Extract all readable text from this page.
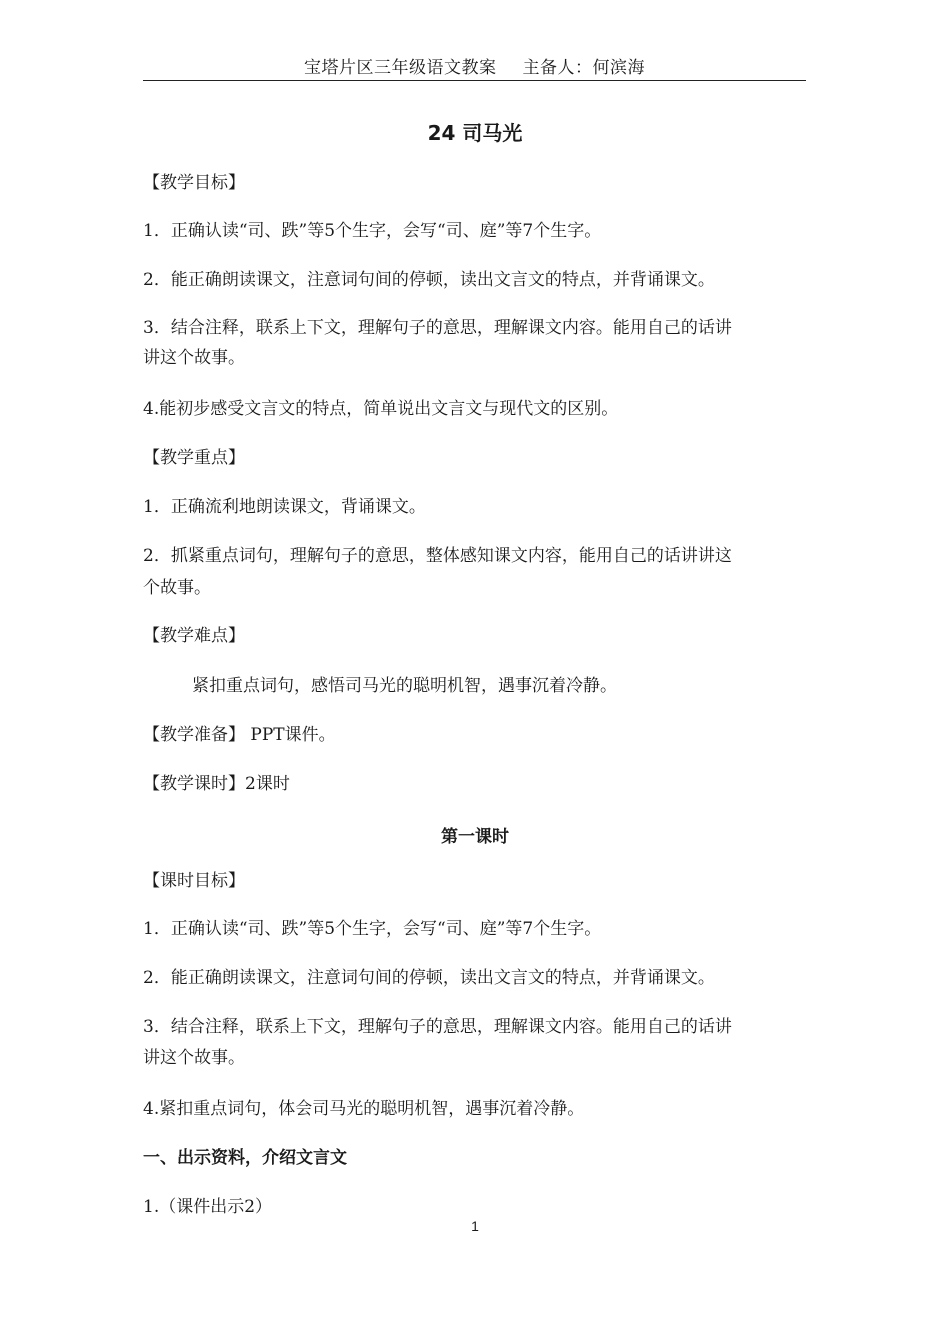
宝塔片区三年级语文教案 主备人：何滨海
24 司马光
【教学目标】
1．正确认读“司、跌”等5个生字，会写“司、庭”等7个生字。
2．能正确朗读课文，注意词句间的停顿，读出文言文的特点，并背诵课文。
3．结合注释，联系上下文，理解句子的意思，理解课文内容。能用自己的话讲
讲这个故事。
4.能初步感受文言文的特点，简单说出文言文与现代文的区别。
【教学重点】
1．正确流利地朗读课文，背诵课文。
2．抓紧重点词句，理解句子的意思，整体感知课文内容，能用自己的话讲讲这
个故事。
【教学难点】
紧扣重点词句，感悟司马光的聪明机智，遇事沉着冷静。
【教学准备】 PPT课件。
【教学课时】2课时
第一课时
【课时目标】
1．正确认读“司、跌”等5个生字，会写“司、庭”等7个生字。
2．能正确朗读课文，注意词句间的停顿，读出文言文的特点，并背诵课文。
3．结合注释，联系上下文，理解句子的意思，理解课文内容。能用自己的话讲
讲这个故事。
4.紧扣重点词句，体会司马光的聪明机智，遇事沉着冷静。
一、出示资料，介绍文言文
1.（课件出示2）
1
